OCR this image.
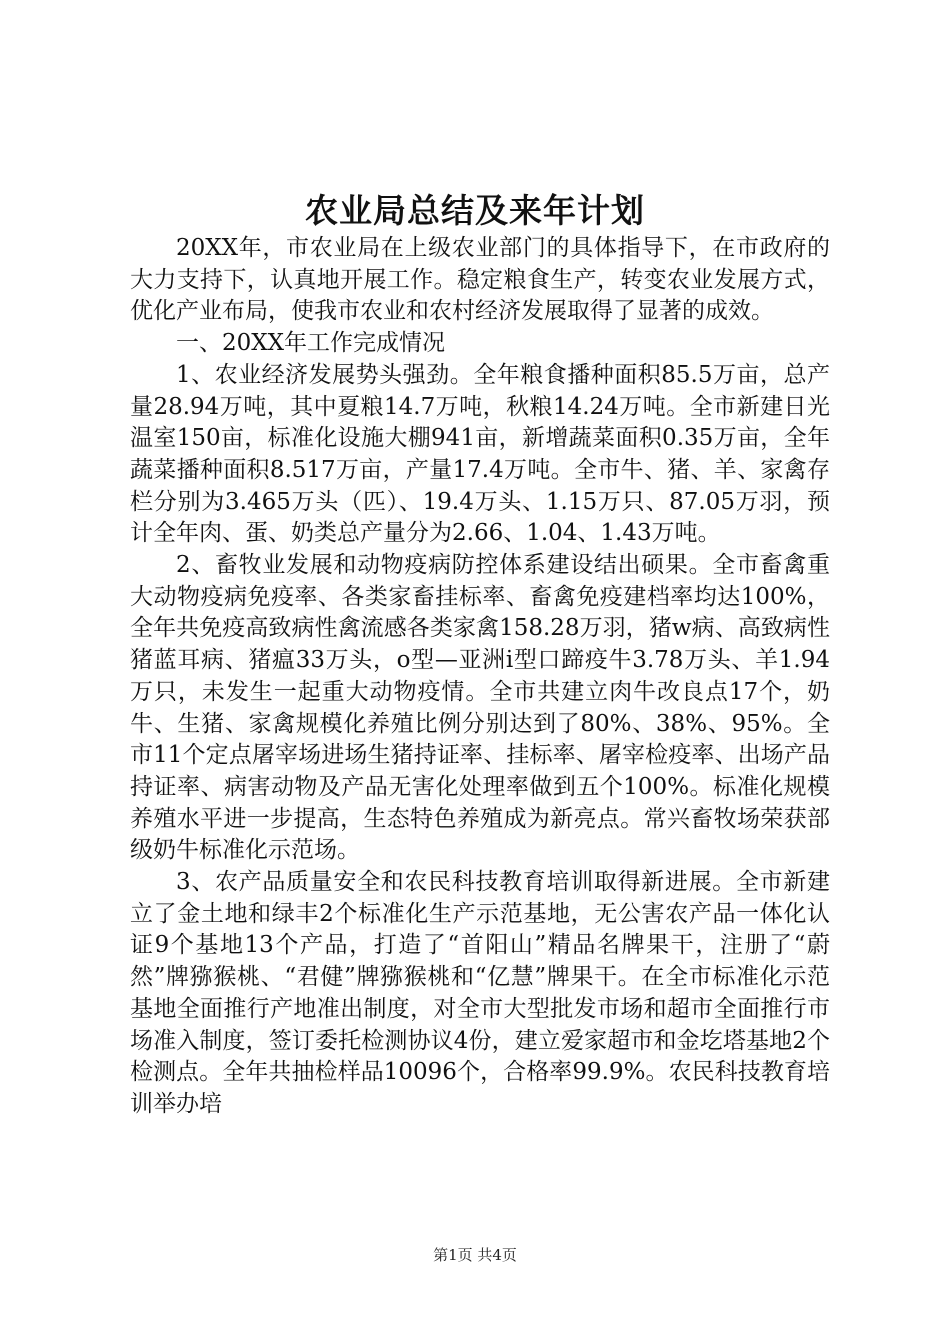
农业局总结及来年计划

20XX年，市农业局在上级农业部门的具体指导下，在市政府的大力支持下，认真地开展工作。稳定粮食生产，转变农业发展方式，优化产业布局，使我市农业和农村经济发展取得了显著的成效。

一、20XX年工作完成情况

1、农业经济发展势头强劲。全年粮食播种面积85.5万亩，总产量28.94万吨，其中夏粮14.7万吨，秋粮14.24万吨。全市新建日光温室150亩，标准化设施大棚941亩，新增蔬菜面积0.35万亩，全年蔬菜播种面积8.517万亩，产量17.4万吨。全市牛、猪、羊、家禽存栏分别为3.465万头（匹）、19.4万头、1.15万只、87.05万羽，预计全年肉、蛋、奶类总产量分为2.66、1.04、1.43万吨。

2、畜牧业发展和动物疫病防控体系建设结出硕果。全市畜禽重大动物疫病免疫率、各类家畜挂标率、畜禽免疫建档率均达100%，全年共免疫高致病性禽流感各类家禽158.28万羽，猪w病、高致病性猪蓝耳病、猪瘟33万头，o型—亚洲i型口蹄疫牛3.78万头、羊1.94万只，未发生一起重大动物疫情。全市共建立肉牛改良点17个，奶牛、生猪、家禽规模化养殖比例分别达到了80%、38%、95%。全市11个定点屠宰场进场生猪持证率、挂标率、屠宰检疫率、出场产品持证率、病害动物及产品无害化处理率做到五个100%。标准化规模养殖水平进一步提高，生态特色养殖成为新亮点。常兴畜牧场荣获部级奶牛标准化示范场。

3、农产品质量安全和农民科技教育培训取得新进展。全市新建立了金土地和绿丰2个标准化生产示范基地，无公害农产品一体化认证9个基地13个产品，打造了“首阳山”精品名牌果干，注册了“蔚然”牌猕猴桃、“君健”牌猕猴桃和“亿慧”牌果干。在全市标准化示范基地全面推行产地准出制度，对全市大型批发市场和超市全面推行市场准入制度，签订委托检测协议4份，建立爱家超市和金圪塔基地2个检测点。全年共抽检样品10096个，合格率99.9%。农民科技教育培训举办培

第1页 共4页
